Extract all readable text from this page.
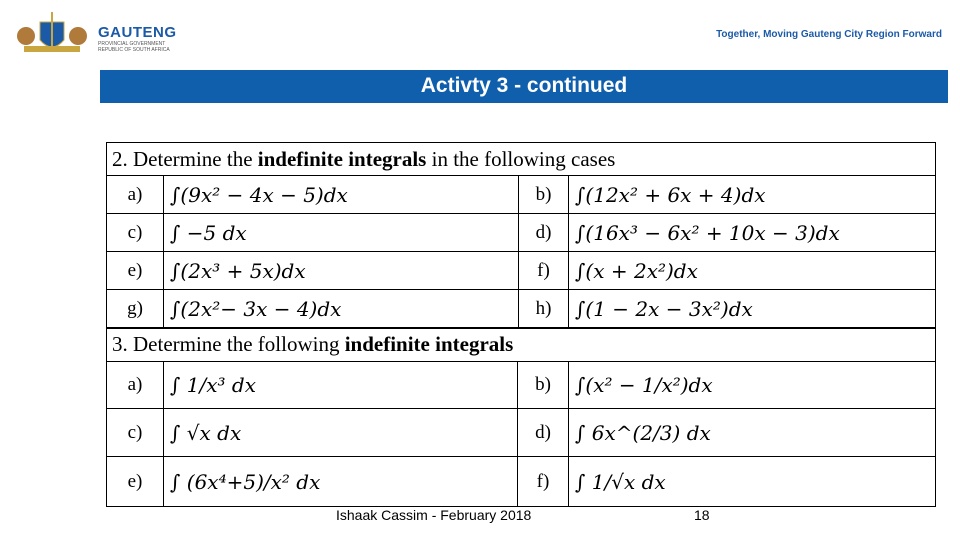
GAUTENG
PROVINCIAL GOVERNMENT
REPUBLIC OF SOUTH AFRICA
Together, Moving Gauteng City Region Forward
Activty 3 - continued
2. Determine the indefinite integrals in the following cases
3. Determine the following indefinite integrals
Ishaak Cassim - February 2018	18
a)	∫(9x² − 4x − 5)dx	b)	∫(12x² + 6x + 4)dx
c)	∫ −5 dx	d)	∫(16x³ − 6x² + 10x − 3)dx
e)	∫(2x³ + 5x)dx	f)	∫(x + 2x²)dx
g)	∫(2x²− 3x − 4)dx	h)	∫(1 − 2x − 3x²)dx
a)	∫ 1/x³ dx	b)	∫(x² − 1/x²)dx
c)	∫ √x dx	d)	∫ 6x^(2/3) dx
e)	∫ (6x⁴+5)/x² dx	f)	∫ 1/√x dx
